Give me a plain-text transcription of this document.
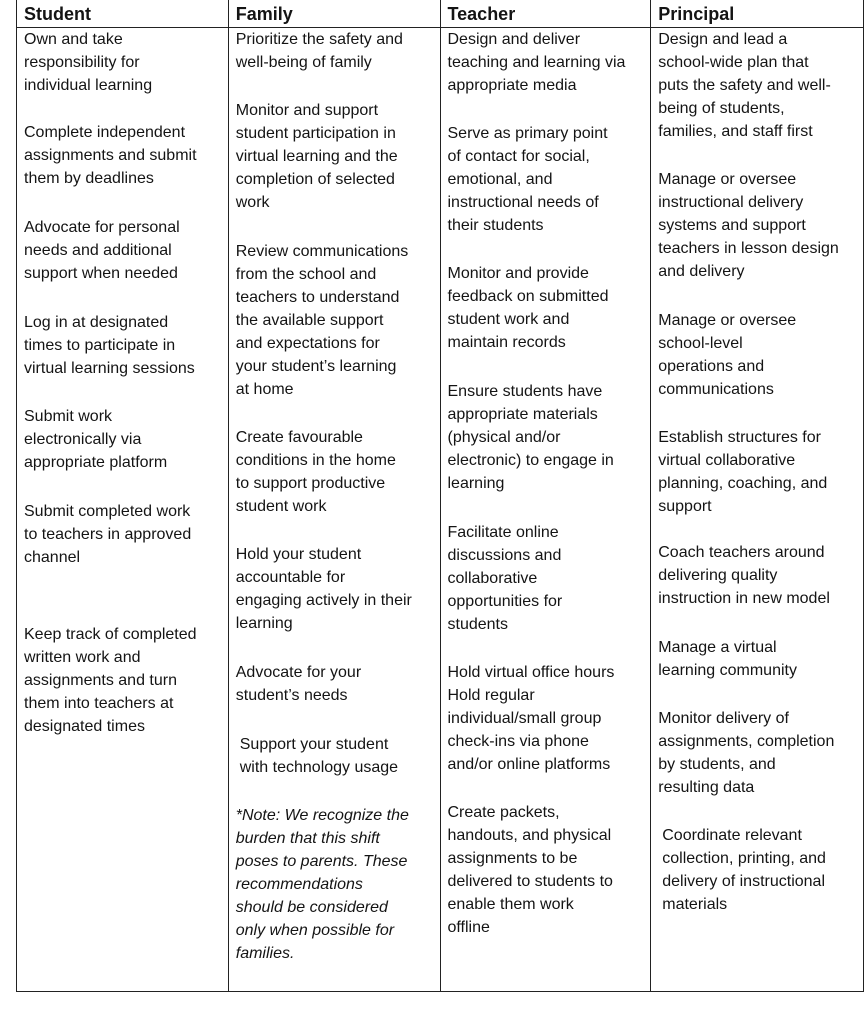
Student
Own and take
responsibility for
individual learning
Complete independent
assignments and submit
them by deadlines
Advocate for personal
needs and additional
support when needed
Log in at designated
times to participate in
virtual learning sessions
Submit work
electronically via
appropriate platform
Submit completed work
to teachers in approved
channel
Keep track of completed
written work and
assignments and turn
them into teachers at
designated times
Family
Prioritize the safety and
well-being of family
Monitor and support
student participation in
virtual learning and the
completion of selected
work
Review communications
from the school and
teachers to understand
the available support
and expectations for
your student’s learning
at home
Create favourable
conditions in the home
to support productive
student work
Hold your student
accountable for
engaging actively in their
learning
Advocate for your
student’s needs
Support your student
with technology usage
*Note: We recognize the
burden that this shift
poses to parents. These
recommendations
should be considered
only when possible for
families.
Teacher
Design and deliver
teaching and learning via
appropriate media
Serve as primary point
of contact for social,
emotional, and
instructional needs of
their students
Monitor and provide
feedback on submitted
student work and
maintain records
Ensure students have
appropriate materials
(physical and/or
electronic) to engage in
learning
Facilitate online
discussions and
collaborative
opportunities for
students
Hold virtual office hours
Hold regular
individual/small group
check-ins via phone
and/or online platforms
Create packets,
handouts, and physical
assignments to be
delivered to students to
enable them work
offline
Principal
Design and lead a
school-wide plan that
puts the safety and well-
being of students,
families, and staff first
Manage or oversee
instructional delivery
systems and support
teachers in lesson design
and delivery
Manage or oversee
school-level
operations and
communications
Establish structures for
virtual collaborative
planning, coaching, and
support
Coach teachers around
delivering quality
instruction in new model
Manage a virtual
learning community
Monitor delivery of
assignments, completion
by students, and
resulting data
Coordinate relevant
collection, printing, and
delivery of instructional
materials
